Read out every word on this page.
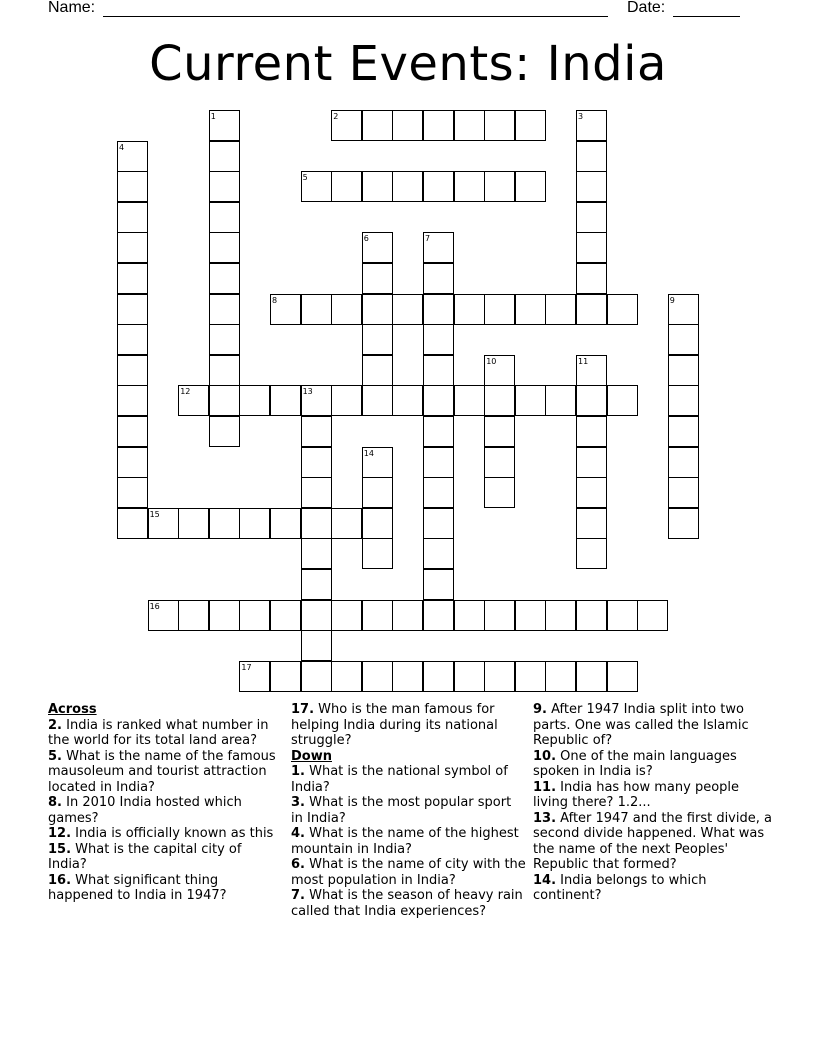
Name:	Date:
Current Events: India
1	2	3
4
5
6	7
8	9
10	11
12	13
14
15
16
17
Across
2. India is ranked what number in the world for its total land area?
5. What is the name of the famous mausoleum and tourist attraction located in India?
8. In 2010 India hosted which games?
12. India is officially known as this
15. What is the capital city of India?
16. What significant thing happened to India in 1947?
17. Who is the man famous for helping India during its national struggle?
Down
1. What is the national symbol of India?
3. What is the most popular sport in India?
4. What is the name of the highest mountain in India?
6. What is the name of city with the most population in India?
7. What is the season of heavy rain called that India experiences?
9. After 1947 India split into two parts. One was called the Islamic Republic of?
10. One of the main languages spoken in India is?
11. India has how many people living there? 1.2...
13. After 1947 and the first divide, a second divide happened. What was the name of the next Peoples' Republic that formed?
14. India belongs to which continent?
